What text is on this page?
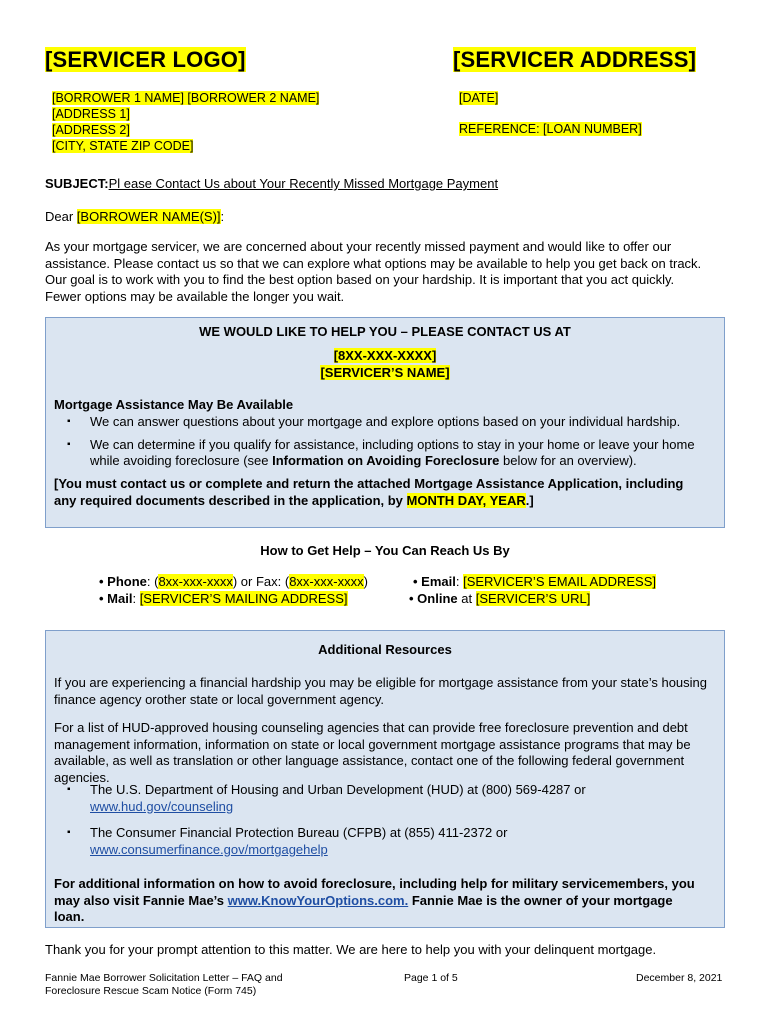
[SERVICER LOGO]	[SERVICER ADDRESS]
[BORROWER 1 NAME] [BORROWER 2 NAME]
[ADDRESS 1]
[ADDRESS 2]
[CITY, STATE ZIP CODE]
[DATE]
REFERENCE: [LOAN NUMBER]
SUBJECT:Pl ease Contact Us about Your Recently Missed Mortgage Payment
Dear [BORROWER NAME(S)]:
As your mortgage servicer, we are concerned about your recently missed payment and would like to offer our
assistance. Please contact us so that we can explore what options may be available to help you get back on track.
Our goal is to work with you to find the best option based on your hardship. It is important that you act quickly.
Fewer options may be available the longer you wait.
WE WOULD LIKE TO HELP YOU – PLEASE CONTACT US AT
[8XX-XXX-XXXX]
[SERVICER’S NAME]
Mortgage Assistance May Be Available
▪ We can answer questions about your mortgage and explore options based on your individual hardship.
▪ We can determine if you qualify for assistance, including options to stay in your home or leave your home
while avoiding foreclosure (see Information on Avoiding Foreclosure below for an overview).
[You must contact us or complete and return the attached Mortgage Assistance Application, including
any required documents described in the application, by MONTH DAY, YEAR.]
How to Get Help – You Can Reach Us By
• Phone: (8xx-xxx-xxxx) or Fax: (8xx-xxx-xxxx)
• Mail: [SERVICER’S MAILING ADDRESS]
• Email: [SERVICER’S EMAIL ADDRESS]
• Online at [SERVICER’S URL]
Additional Resources
If you are experiencing a financial hardship you may be eligible for mortgage assistance from your state’s housing
finance agency orother state or local government agency.
For a list of HUD-approved housing counseling agencies that can provide free foreclosure prevention and debt
management information, information on state or local government mortgage assistance programs that may be
available, as well as translation or other language assistance, contact one of the following federal government
agencies.
▪ The U.S. Department of Housing and Urban Development (HUD) at (800) 569-4287 or
www.hud.gov/counseling
▪ The Consumer Financial Protection Bureau (CFPB) at (855) 411-2372 or
www.consumerfinance.gov/mortgagehelp
For additional information on how to avoid foreclosure, including help for military servicemembers, you
may also visit Fannie Mae’s www.KnowYourOptions.com. Fannie Mae is the owner of your mortgage
loan.
Thank you for your prompt attention to this matter. We are here to help you with your delinquent mortgage.
Fannie Mae Borrower Solicitation Letter – FAQ and
Foreclosure Rescue Scam Notice (Form 745)
Page 1 of 5	December 8, 2021
